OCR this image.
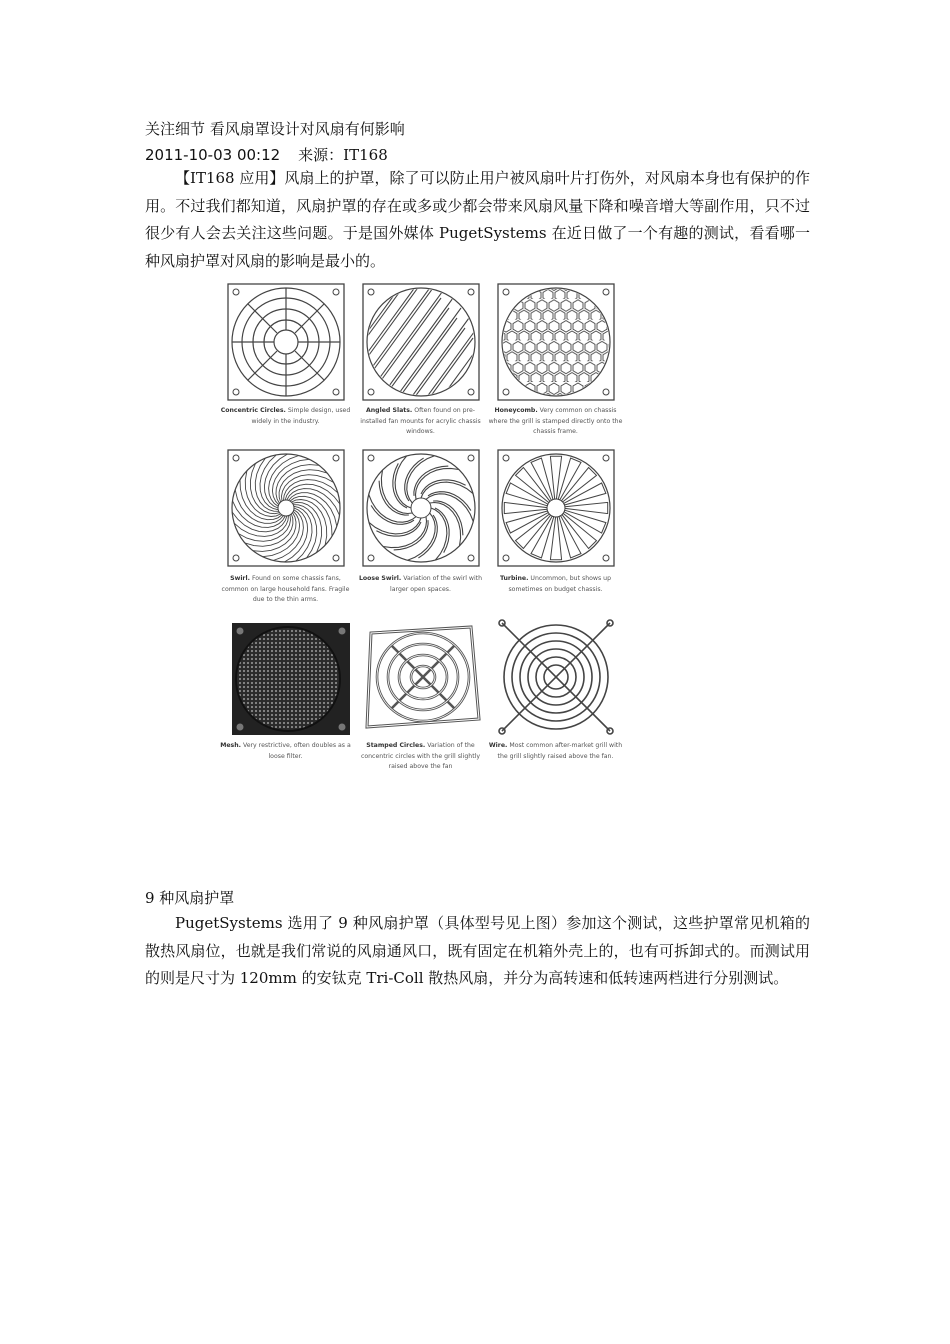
关注细节 看风扇罩设计对风扇有何影响
2011-10-03 00:12 来源：IT168

【IT168 应用】风扇上的护罩，除了可以防止用户被风扇叶片打伤外，对风扇本身也有保护的作用。不过我们都知道，风扇护罩的存在或多或少都会带来风扇风量下降和噪音增大等副作用，只不过很少有人会去关注这些问题。于是国外媒体 PugetSystems 在近日做了一个有趣的测试，看看哪一种风扇护罩对风扇的影响是最小的。

Concentric Circles. Simple design, used widely in the industry.
Angled Slats. Often found on pre-installed fan mounts for acrylic chassis windows.
Honeycomb. Very common on chassis where the grill is stamped directly onto the chassis frame.
Swirl. Found on some chassis fans, common on large household fans. Fragile due to the thin arms.
Loose Swirl. Variation of the swirl with larger open spaces.
Turbine. Uncommon, but shows up sometimes on budget chassis.
Mesh. Very restrictive, often doubles as a loose filter.
Stamped Circles. Variation of the concentric circles with the grill slightly raised above the fan
Wire. Most common after-market grill with the grill slightly raised above the fan.
9 种风扇护罩

PugetSystems 选用了 9 种风扇护罩（具体型号见上图）参加这个测试，这些护罩常见机箱的散热风扇位，也就是我们常说的风扇通风口，既有固定在机箱外壳上的，也有可拆卸式的。而测试用的则是尺寸为 120mm 的安钛克 Tri-Coll 散热风扇，并分为高转速和低转速两档进行分别测试。
